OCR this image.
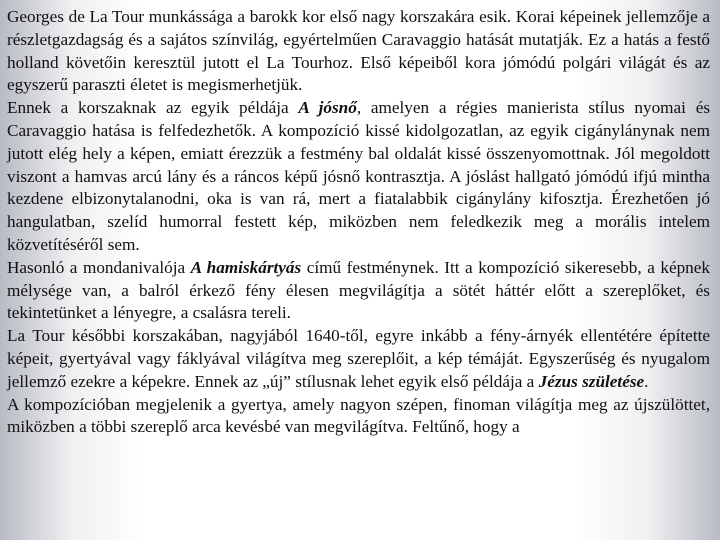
Georges de La Tour munkássága a barokk kor első nagy korszakára esik. Korai képeinek jellemzője a részletgazdagság és a sajátos színvilág, egyértelműen Caravaggio hatását mutatják. Ez a hatás a festő holland követőin keresztül jutott el La Tourhoz. Első képeiből kora jómódú polgári világát és az egyszerű paraszti életet is megismerhetjük.

Ennek a korszaknak az egyik példája A jósnő, amelyen a régies manierista stílus nyomai és Caravaggio hatása is felfedezhetők. A kompozíció kissé kidolgozatlan, az egyik cigánylánynak nem jutott elég hely a képen, emiatt érezzük a festmény bal oldalát kissé összenyomottnak. Jól megoldott viszont a hamvas arcú lány és a ráncos képű jósnő kontrasztja. A jóslást hallgató jómódú ifjú mintha kezdene elbizonytalanodni, oka is van rá, mert a fiatalabbik cigánylány kifosztja. Érezhetően jó hangulatban, szelíd humorral festett kép, miközben nem feledkezik meg a morális intelem közvetítéséről sem.

Hasonló a mondanivalója A hamiskártyás című festménynek. Itt a kompozíció sikeresebb, a képnek mélysége van, a balról érkező fény élesen megvilágítja a sötét háttér előtt a szereplőket, és tekintetünket a lényegre, a csalásra tereli.

La Tour későbbi korszakában, nagyjából 1640-től, egyre inkább a fény-árnyék ellentétére építette képeit, gyertyával vagy fáklyával világítva meg szereplőit, a kép témáját. Egyszerűség és nyugalom jellemző ezekre a képekre. Ennek az „új” stílusnak lehet egyik első példája a Jézus születése.

A kompozícióban megjelenik a gyertya, amely nagyon szépen, finoman világítja meg az újszülöttet, miközben a többi szereplő arca kevésbé van megvilágítva. Feltűnő, hogy a
